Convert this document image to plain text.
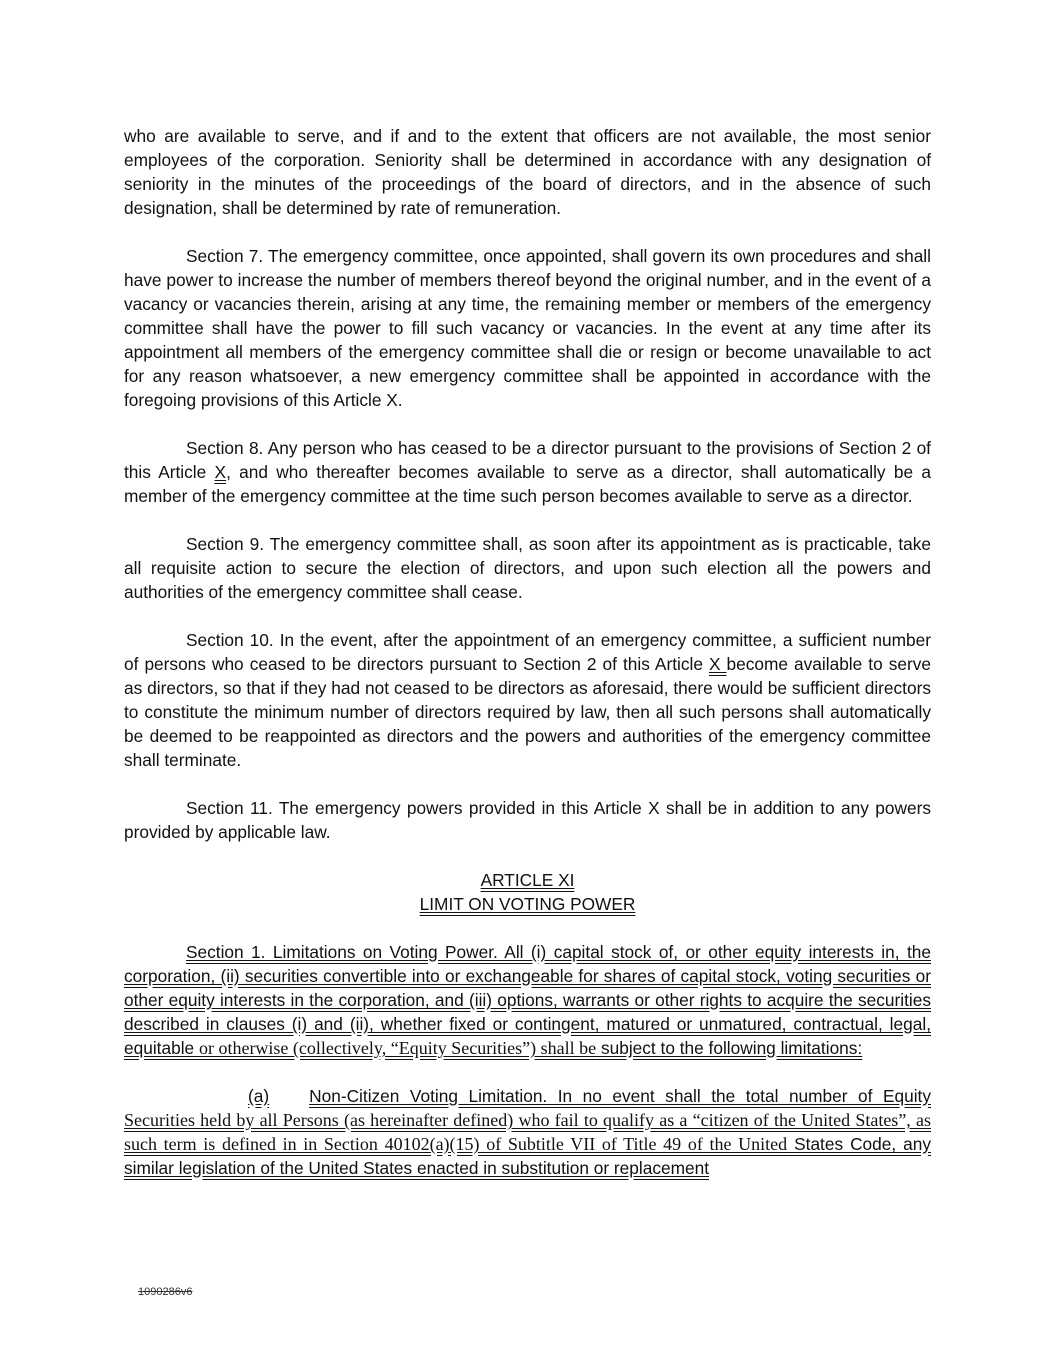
who are available to serve, and if and to the extent that officers are not available, the most senior employees of the corporation. Seniority shall be determined in accordance with any designation of seniority in the minutes of the proceedings of the board of directors, and in the absence of such designation, shall be determined by rate of remuneration.

Section 7. The emergency committee, once appointed, shall govern its own procedures and shall have power to increase the number of members thereof beyond the original number, and in the event of a vacancy or vacancies therein, arising at any time, the remaining member or members of the emergency committee shall have the power to fill such vacancy or vacancies. In the event at any time after its appointment all members of the emergency committee shall die or resign or become unavailable to act for any reason whatsoever, a new emergency committee shall be appointed in accordance with the foregoing provisions of this Article X.

Section 8. Any person who has ceased to be a director pursuant to the provisions of Section 2 of this Article X, and who thereafter becomes available to serve as a director, shall automatically be a member of the emergency committee at the time such person becomes available to serve as a director.

Section 9. The emergency committee shall, as soon after its appointment as is practicable, take all requisite action to secure the election of directors, and upon such election all the powers and authorities of the emergency committee shall cease.

Section 10. In the event, after the appointment of an emergency committee, a sufficient number of persons who ceased to be directors pursuant to Section 2 of this Article X become available to serve as directors, so that if they had not ceased to be directors as aforesaid, there would be sufficient directors to constitute the minimum number of directors required by law, then all such persons shall automatically be deemed to be reappointed as directors and the powers and authorities of the emergency committee shall terminate.

Section 11. The emergency powers provided in this Article X shall be in addition to any powers provided by applicable law.

ARTICLE XI
LIMIT ON VOTING POWER

Section 1. Limitations on Voting Power. All (i) capital stock of, or other equity interests in, the corporation, (ii) securities convertible into or exchangeable for shares of capital stock, voting securities or other equity interests in the corporation, and (iii) options, warrants or other rights to acquire the securities described in clauses (i) and (ii), whether fixed or contingent, matured or unmatured, contractual, legal, equitable or otherwise (collectively, “Equity Securities”) shall be subject to the following limitations:

(a) Non-Citizen Voting Limitation. In no event shall the total number of Equity Securities held by all Persons (as hereinafter defined) who fail to qualify as a “citizen of the United States”, as such term is defined in in Section 40102(a)(15) of Subtitle VII of Title 49 of the United States Code, any similar legislation of the United States enacted in substitution or replacement

1090286v6
